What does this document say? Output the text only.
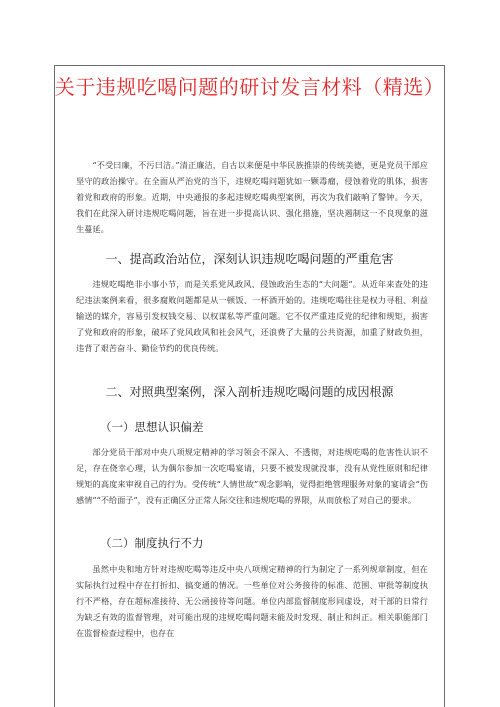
关于违规吃喝问题的研讨发言材料（精选）

“不受曰廉，不污曰洁。”清正廉洁，自古以来便是中华民族推崇的传统美德，更是党员干部应坚守的政治操守。在全面从严治党的当下，违规吃喝问题犹如一颗毒瘤，侵蚀着党的肌体，损害着党和政府的形象。近期，中央通报的多起违规吃喝典型案例，再次为我们敲响了警钟。今天，我们在此深入研讨违规吃喝问题，旨在进一步提高认识、强化措施，坚决遏制这一不良现象的滋生蔓延。

一、提高政治站位，深刻认识违规吃喝问题的严重危害

违规吃喝绝非小事小节，而是关系党风政风、侵蚀政治生态的“大问题”。从近年来查处的违纪违法案例来看，很多腐败问题都是从一顿饭、一杯酒开始的。违规吃喝往往是权力寻租、利益输送的媒介，容易引发权钱交易、以权谋私等严重问题。它不仅严重违反党的纪律和规矩，损害了党和政府的形象，破坏了党风政风和社会风气，还浪费了大量的公共资源，加重了财政负担，违背了艰苦奋斗、勤俭节约的优良传统。

二、对照典型案例，深入剖析违规吃喝问题的成因根源
（一）思想认识偏差

部分党员干部对中央八项规定精神的学习领会不深入、不透彻，对违规吃喝的危害性认识不足，存在侥幸心理，认为偶尔参加一次吃喝宴请，只要不被发现就没事，没有从党性原则和纪律规矩的高度来审视自己的行为。受传统“人情世故”观念影响，觉得拒绝管理服务对象的宴请会“伤感情”“不给面子”，没有正确区分正常人际交往和违规吃喝的界限，从而放松了对自己的要求。

（二）制度执行不力

虽然中央和地方针对违规吃喝等违反中央八项规定精神的行为制定了一系列规章制度，但在实际执行过程中存在打折扣、搞变通的情况。一些单位对公务接待的标准、范围、审批等制度执行不严格，存在超标准接待、无公函接待等问题。单位内部监督制度形同虚设，对干部的日常行为缺乏有效的监督管理，对可能出现的违规吃喝问题未能及时发现、制止和纠正。相关职能部门在监督检查过程中，也存在
